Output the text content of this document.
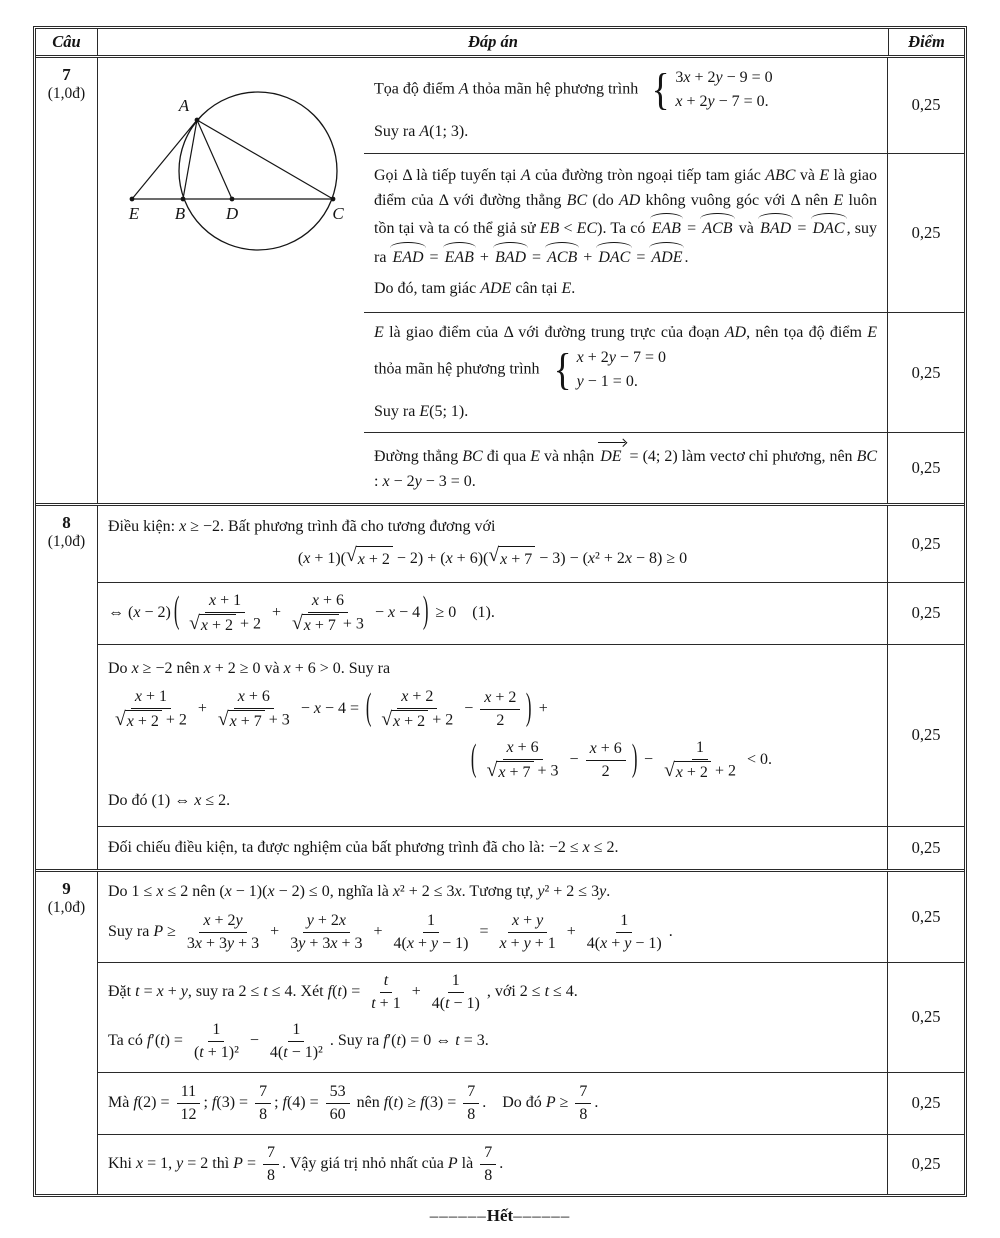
Câu	Đáp án	Điểm
7
(1,0đ)
A
E B D	C
Tọa độ điểm A thỏa mãn hệ phương trình { 3x + 2y − 9 = 0
x + 2y − 7 = 0.
Suy ra A(1; 3).
0,25
Gọi Δ là tiếp tuyến tại A của đường tròn ngoại tiếp tam giác ABC và E là giao điểm của Δ với đường thẳng BC (do AD không vuông góc với Δ nên E luôn tồn tại và ta có thể giả sử EB < EC). Ta có EAB = ACB và BAD = DAC , suy ra EAD = EAB + BAD = ACB + DAC = ADE .
Do đó, tam giác ADE cân tại E.
0,25
E là giao điểm của Δ với đường trung trực của đoạn AD, nên tọa độ điểm E thỏa mãn hệ phương trình { x + 2y − 7 = 0
y − 1 = 0.
Suy ra E(5; 1).
0,25
Đường thẳng BC đi qua E và nhận DE = (4; 2) làm vectơ chỉ phương, nên BC : x − 2y − 3 = 0.
0,25
8
(1,0đ)
Điều kiện: x ≥ −2. Bất phương trình đã cho tương đương với
(x + 1)( √ x + 2 − 2) + (x + 6)( √ x + 7 − 3) − (x² + 2x − 8) ≥ 0
0,25
⇔ (x − 2) ( $\frac{x + 1}{√ x + 2 + 2} + \frac{x + 6}{√ x + 7 + 3} - x - 4$ ) ≥ 0 (1).	0,25
Do x ≥ −2 nên x + 2 ≥ 0 và x + 6 > 0. Suy ra
$\frac{x + 1}{√ x + 2 + 2} + \frac{x + 6}{√ x + 7 + 3} - x - 4$ = ( $\frac{x + 2}{√ x + 2 + 2} - \frac{x + 2}{2}$ ) +
( $\frac{x + 6}{√ x + 7 + 3} - \frac{x + 6}{2}$ ) − $\frac{1}{√ x + 2 + 2} < 0$.
Do đó (1) ⇔ x ≤ 2.
0,25
Đối chiếu điều kiện, ta được nghiệm của bất phương trình đã cho là: −2 ≤ x ≤ 2.	0,25
9
(1,0đ)
Do 1 ≤ x ≤ 2 nên (x − 1)(x − 2) ≤ 0, nghĩa là x² + 2 ≤ 3x. Tương tự, y² + 2 ≤ 3y.
Suy ra $P \ge \frac{x + 2y}{3x + 3y + 3} + \frac{y + 2x}{3y + 3x + 3} + \frac{1}{4(x + y - 1)} = \frac{x + y}{x + y + 1} + \frac{1}{4(x + y - 1)}$ .
0,25
Đặt t = x + y, suy ra 2 ≤ t ≤ 4. Xét $f(t) = \frac{t}{t + 1} + \frac{1}{4(t - 1)}$ , với 2 ≤ t ≤ 4.
Ta có $f'(t) = \frac{1}{\text{(t + 1)²}} - \frac{1}{\text{4(t − 1)²}}$ . Suy ra f′(t) = 0 ⇔ t = 3.
0,25
Mà $f(2) = \frac{11}{12}$ ; $f(3) = \frac{7}{8}$ ; $f(4) = \frac{53}{60}$ nên $f(t) \ge f(3) = \frac{7}{8}$ . Do đó $P \ge \frac{7}{8}$ .	0,25
Khi x = 1, y = 2 thì $P = \frac{7}{8}$ . Vậy giá trị nhỏ nhất của P là $\frac{7}{8}$ .	0,25
––––––Hết––––––
